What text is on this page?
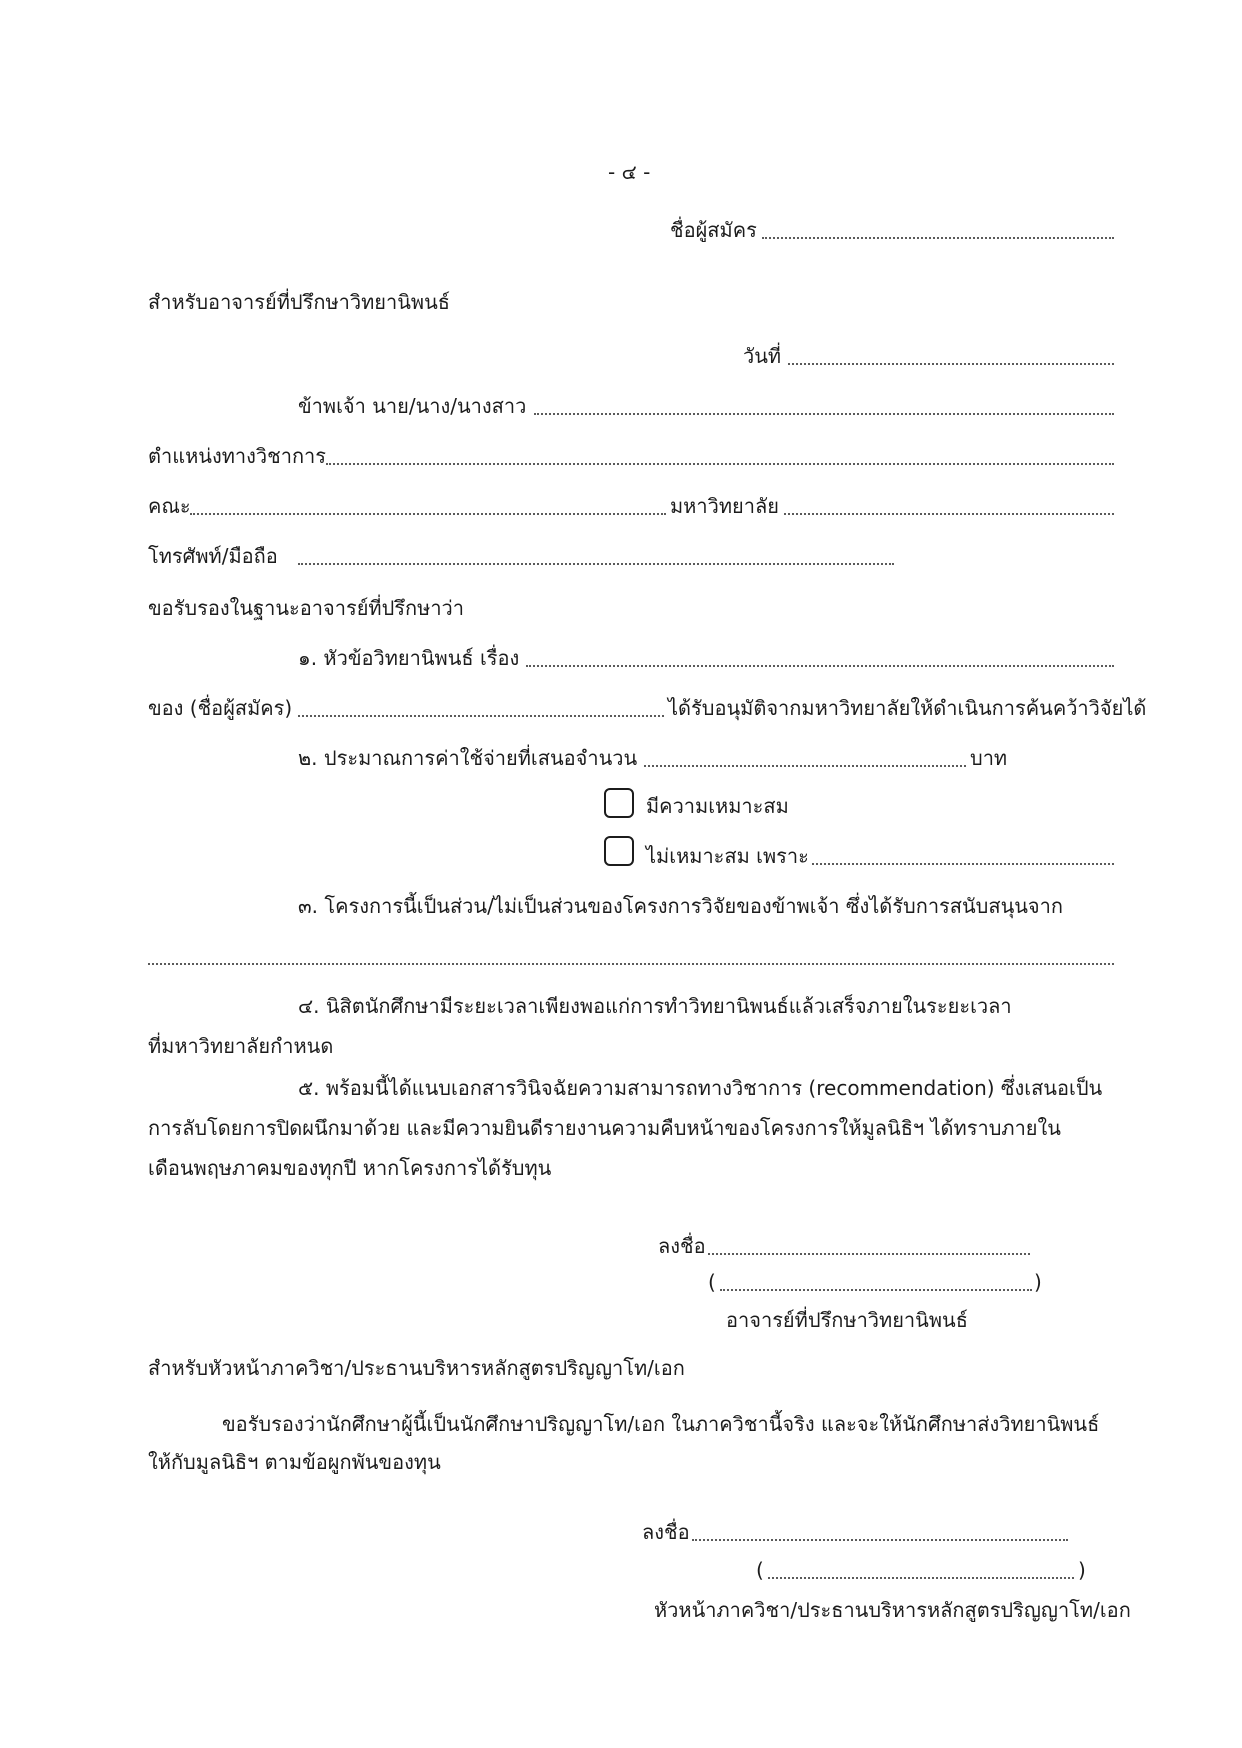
- ๔ -
ชื่อผู้สมัคร
สำหรับอาจารย์ที่ปรึกษาวิทยานิพนธ์
วันที่
ข้าพเจ้า นาย/นาง/นางสาว
ตำแหน่งทางวิชาการ
คณะ	มหาวิทยาลัย
โทรศัพท์/มือถือ
ขอรับรองในฐานะอาจารย์ที่ปรึกษาว่า
๑. หัวข้อวิทยานิพนธ์ เรื่อง
ของ (ชื่อผู้สมัคร)	ได้รับอนุมัติจากมหาวิทยาลัยให้ดำเนินการค้นคว้าวิจัยได้
๒. ประมาณการค่าใช้จ่ายที่เสนอจำนวน	บาท
มีความเหมาะสม
ไม่เหมาะสม เพราะ
๓. โครงการนี้เป็นส่วน/ไม่เป็นส่วนของโครงการวิจัยของข้าพเจ้า ซึ่งได้รับการสนับสนุนจาก
๔. นิสิตนักศึกษามีระยะเวลาเพียงพอแก่การทำวิทยานิพนธ์แล้วเสร็จภายในระยะเวลา
ที่มหาวิทยาลัยกำหนด
๕. พร้อมนี้ได้แนบเอกสารวินิจฉัยความสามารถทางวิชาการ (recommendation) ซึ่งเสนอเป็น
การลับโดยการปิดผนึกมาด้วย และมีความยินดีรายงานความคืบหน้าของโครงการให้มูลนิธิฯ ได้ทราบภายใน
เดือนพฤษภาคมของทุกปี หากโครงการได้รับทุน
ลงชื่อ
(	)
อาจารย์ที่ปรึกษาวิทยานิพนธ์
สำหรับหัวหน้าภาควิชา/ประธานบริหารหลักสูตรปริญญาโท/เอก
ขอรับรองว่านักศึกษาผู้นี้เป็นนักศึกษาปริญญาโท/เอก ในภาควิชานี้จริง และจะให้นักศึกษาส่งวิทยานิพนธ์
ให้กับมูลนิธิฯ ตามข้อผูกพันของทุน
ลงชื่อ
(	)
หัวหน้าภาควิชา/ประธานบริหารหลักสูตรปริญญาโท/เอก
